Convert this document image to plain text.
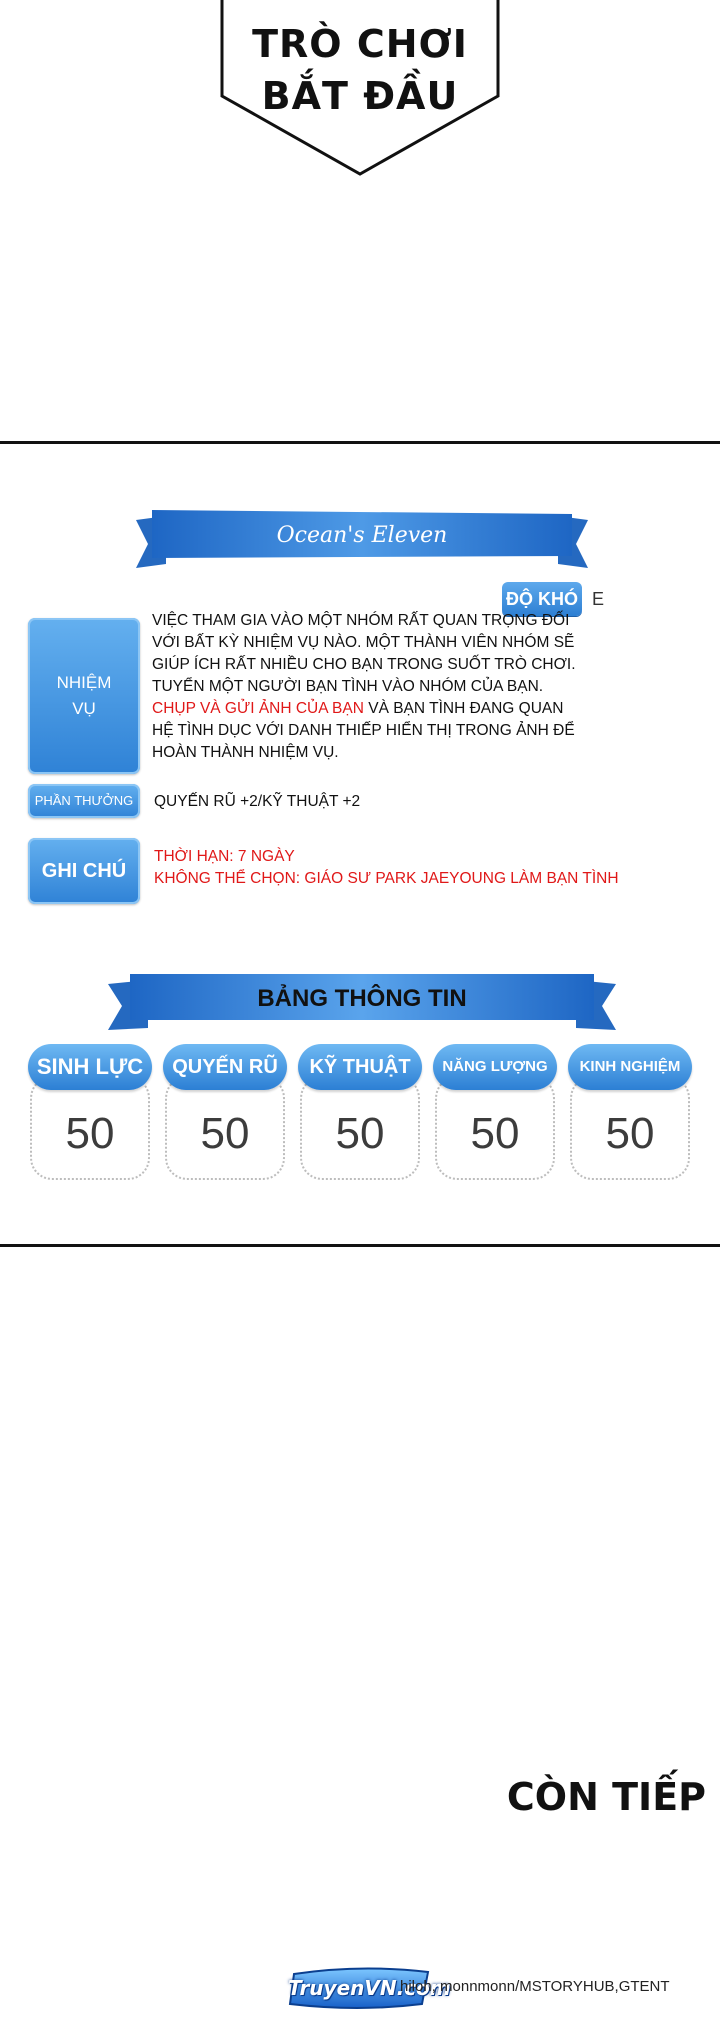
TRÒ CHƠI
BẮT ĐẦU
Ocean's Eleven
ĐỘ KHÓ E
NHIỆM
VỤ
VIỆC THAM GIA VÀO MỘT NHÓM RẤT QUAN TRỌNG ĐỐI VỚI BẤT KỲ NHIỆM VỤ NÀO. MỘT THÀNH VIÊN NHÓM SẼ GIÚP ÍCH RẤT NHIỀU CHO BẠN TRONG SUỐT TRÒ CHƠI. TUYỂN MỘT NGƯỜI BẠN TÌNH VÀO NHÓM CỦA BẠN. CHỤP VÀ GỬI ẢNH CỦA BẠN VÀ BẠN TÌNH ĐANG QUAN HỆ TÌNH DỤC VỚI DANH THIẾP HIỂN THỊ TRONG ẢNH ĐỂ HOÀN THÀNH NHIỆM VỤ.
PHẦN THƯỞNG	QUYẾN RŨ +2/KỸ THUẬT +2
GHI CHÚ
THỜI HẠN: 7 NGÀY
KHÔNG THỂ CHỌN: GIÁO SƯ PARK JAEYOUNG LÀM BẠN TÌNH
BẢNG THÔNG TIN
SINH LỰC
50
QUYẾN RŨ
50
KỸ THUẬT
50
NĂNG LƯỢNG
50
KINH NGHIỆM
50
CÒN TIẾP
TruyenVN.com
hiloh, monnmonn/MSTORYHUB,GTENT
